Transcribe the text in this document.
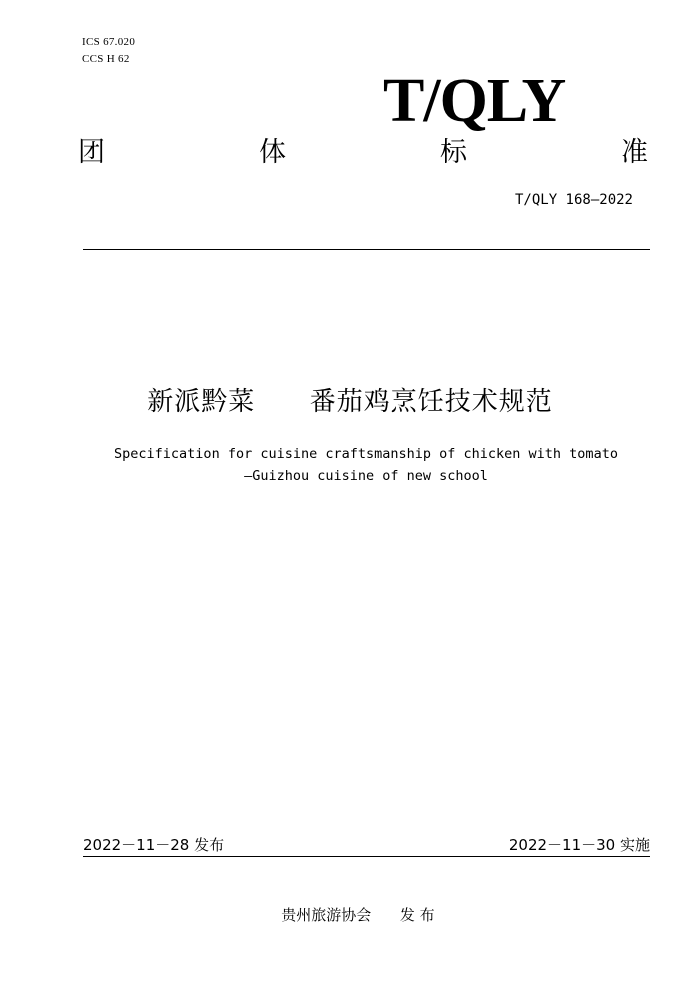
ICS 67.020
CCS H 62
T/QLY
团	体	标	准
T/QLY 168—2022
新派黔菜  番茄鸡烹饪技术规范
Specification for cuisine craftsmanship of chicken with tomato
—Guizhou cuisine of new school
2022－11－28 发布	2022－11－30 实施
贵州旅游协会      发 布
